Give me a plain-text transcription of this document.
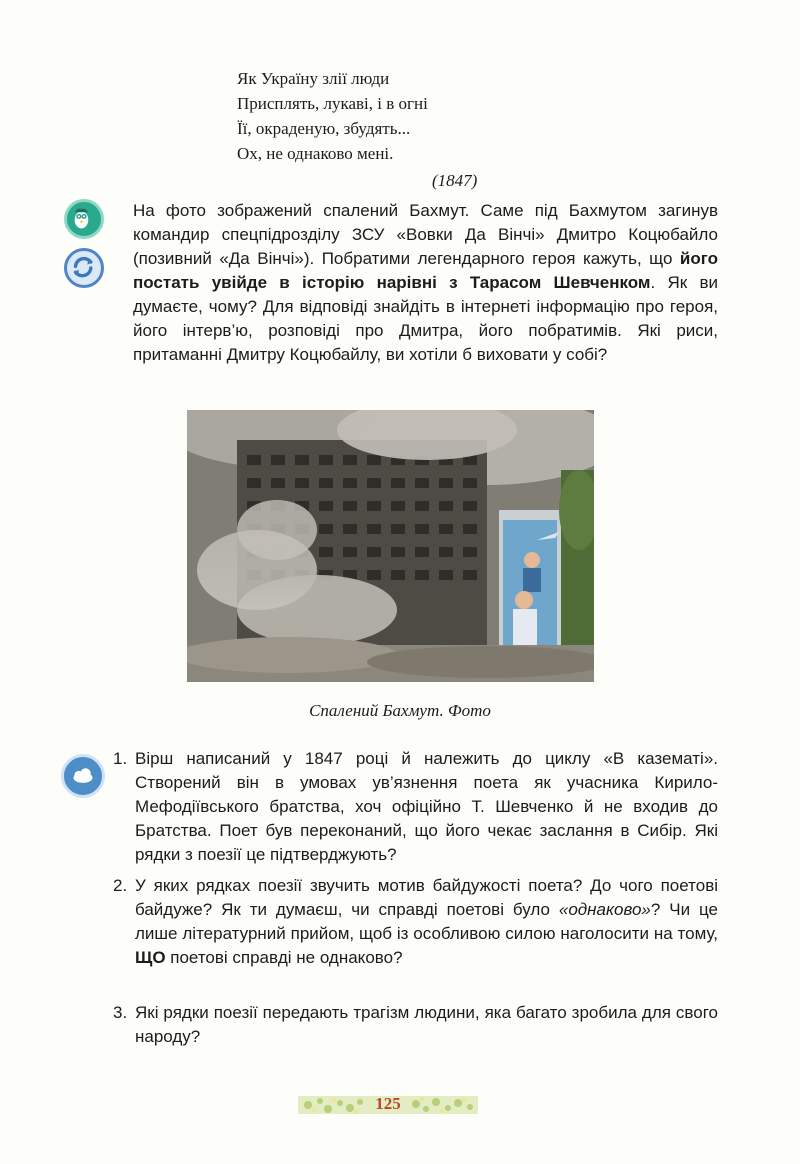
Як Україну злії люди

Присплять, лукаві, і в огні

Її, окраденую, збудять...

Ох, не однаково мені.

(1847)

На фото зображений спалений Бахмут. Саме під Бахмутом загинув командир спецпідрозділу ЗСУ «Вовки Да Вінчі» Дмитро Коцюбайло (позивний «Да Вінчі»). Побратими легендарного героя кажуть, що його постать увійде в історію нарівні з Тарасом Шевченком. Як ви думаєте, чому? Для відповіді знайдіть в інтернеті інформацію про героя, його інтерв’ю, розповіді про Дмитра, його побратимів. Які риси, притаманні Дмитру Коцюбайлу, ви хотіли б виховати у собі?

Спалений Бахмут. Фото
1. Вірш написаний у 1847 році й належить до циклу «В казематі». Створений він в умовах ув’язнення поета як учасника Кирило-Мефодіївського братства, хоч офіційно Т. Шевченко й не входив до Братства. Поет був переконаний, що його чекає заслання в Сибір. Які рядки з поезії це підтверджують?
2. У яких рядках поезії звучить мотив байдужості поета? До чого поетові байдуже? Як ти думаєш, чи справді поетові було «однаково»? Чи це лише літературний прийом, щоб із особливою силою наголосити на тому, ЩО поетові справді не однаково?
3. Які рядки поезії передають трагізм людини, яка багато зробила для свого народу?
125
